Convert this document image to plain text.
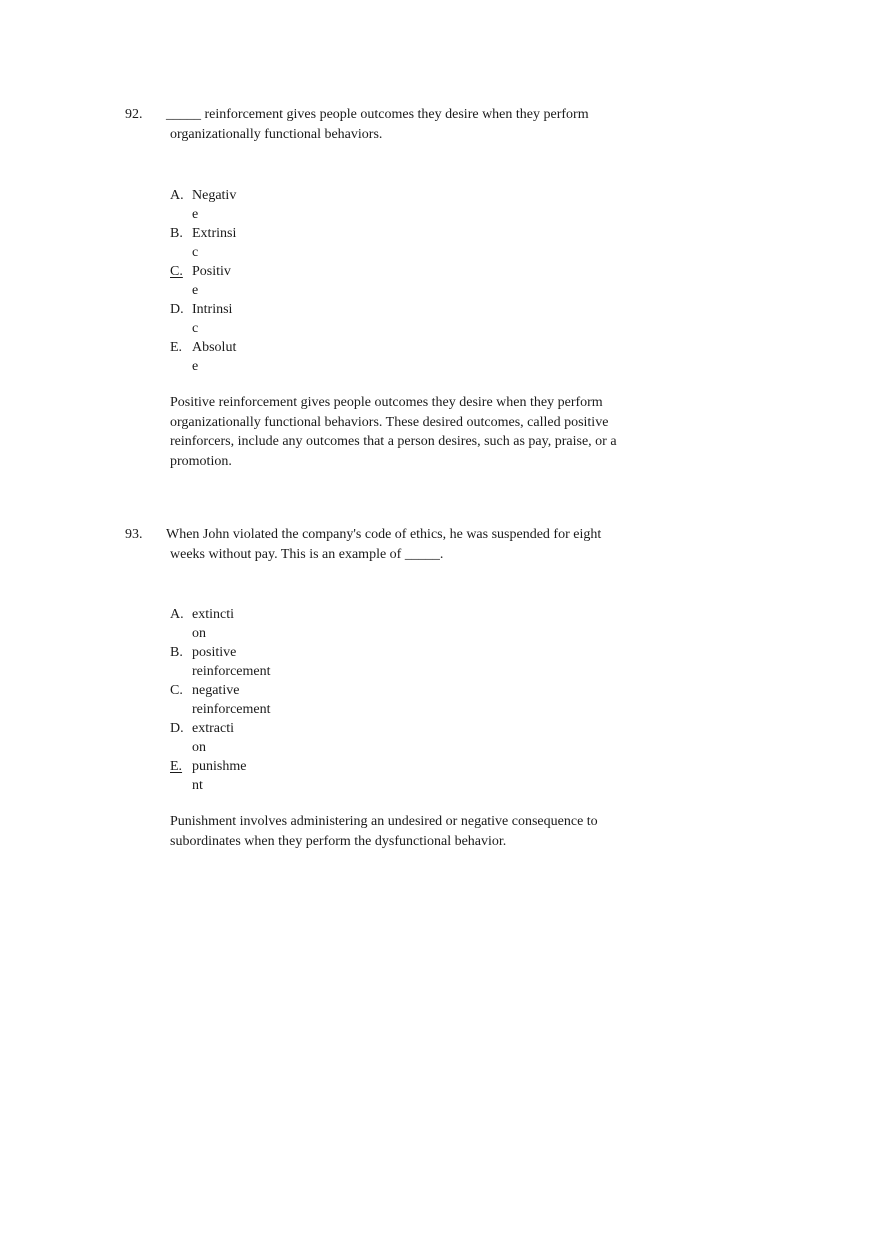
92. _____ reinforcement gives people outcomes they desire when they perform
organizationally functional behaviors.
A. Negativ
e
B. Extrinsi
c
C. Positiv
e
D. Intrinsi
c
E. Absolut
e
Positive reinforcement gives people outcomes they desire when they perform organizationally functional behaviors. These desired outcomes, called positive reinforcers, include any outcomes that a person desires, such as pay, praise, or a promotion.
93. When John violated the company's code of ethics, he was suspended for eight
weeks without pay. This is an example of _____.
A. extincti
on
B. positive
reinforcement
C. negative
reinforcement
D. extracti
on
E. punishme
nt
Punishment involves administering an undesired or negative consequence to subordinates when they perform the dysfunctional behavior.
